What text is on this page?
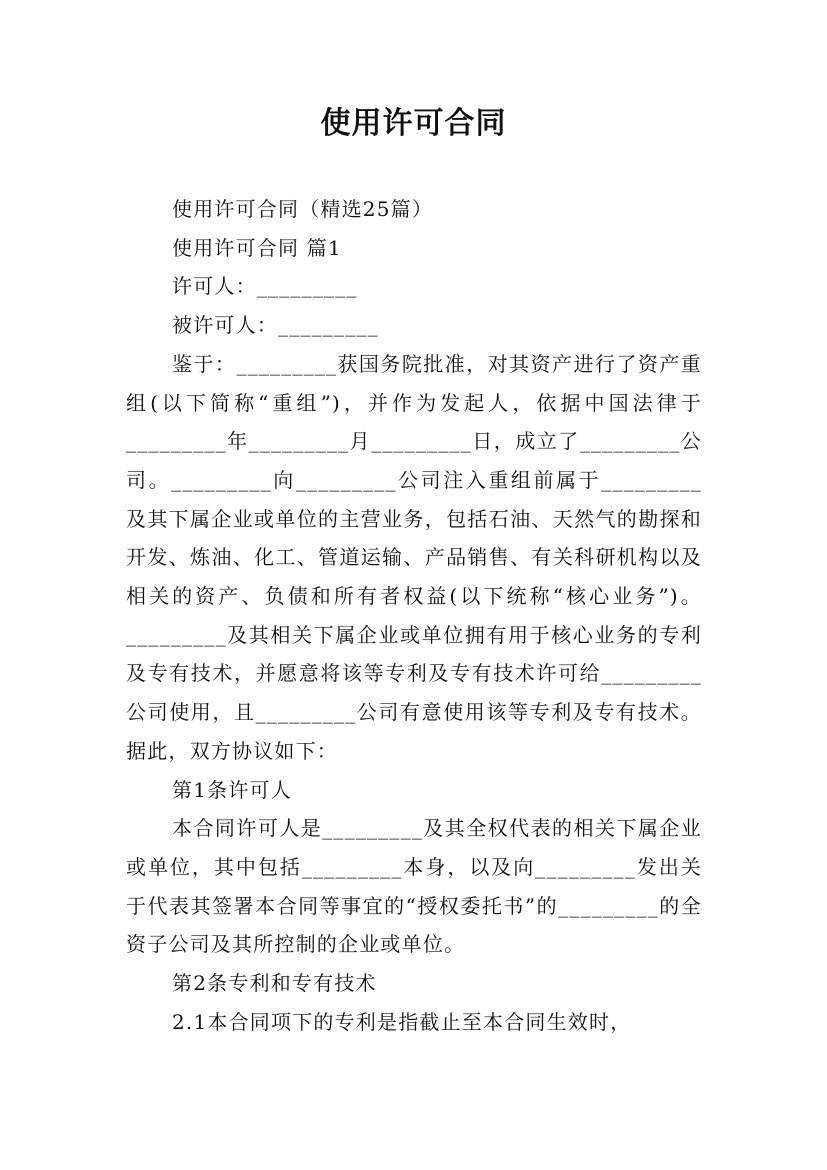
使用许可合同

使用许可合同（精选25篇）

使用许可合同 篇1

许可人：_________

被许可人：_________

鉴于：_________获国务院批准，对其资产进行了资产重组(以下简称“重组”)，并作为发起人，依据中国法律于_________年_________月_________日，成立了_________公司。_________向_________公司注入重组前属于_________及其下属企业或单位的主营业务，包括石油、天然气的勘探和开发、炼油、化工、管道运输、产品销售、有关科研机构以及相关的资产、负债和所有者权益(以下统称“核心业务”)。_________及其相关下属企业或单位拥有用于核心业务的专利及专有技术，并愿意将该等专利及专有技术许可给_________公司使用，且_________公司有意使用该等专利及专有技术。据此，双方协议如下：

第1条许可人

本合同许可人是_________及其全权代表的相关下属企业或单位，其中包括_________本身，以及向_________发出关于代表其签署本合同等事宜的“授权委托书”的_________的全资子公司及其所控制的企业或单位。

第2条专利和专有技术

2.1本合同项下的专利是指截止至本合同生效时，
